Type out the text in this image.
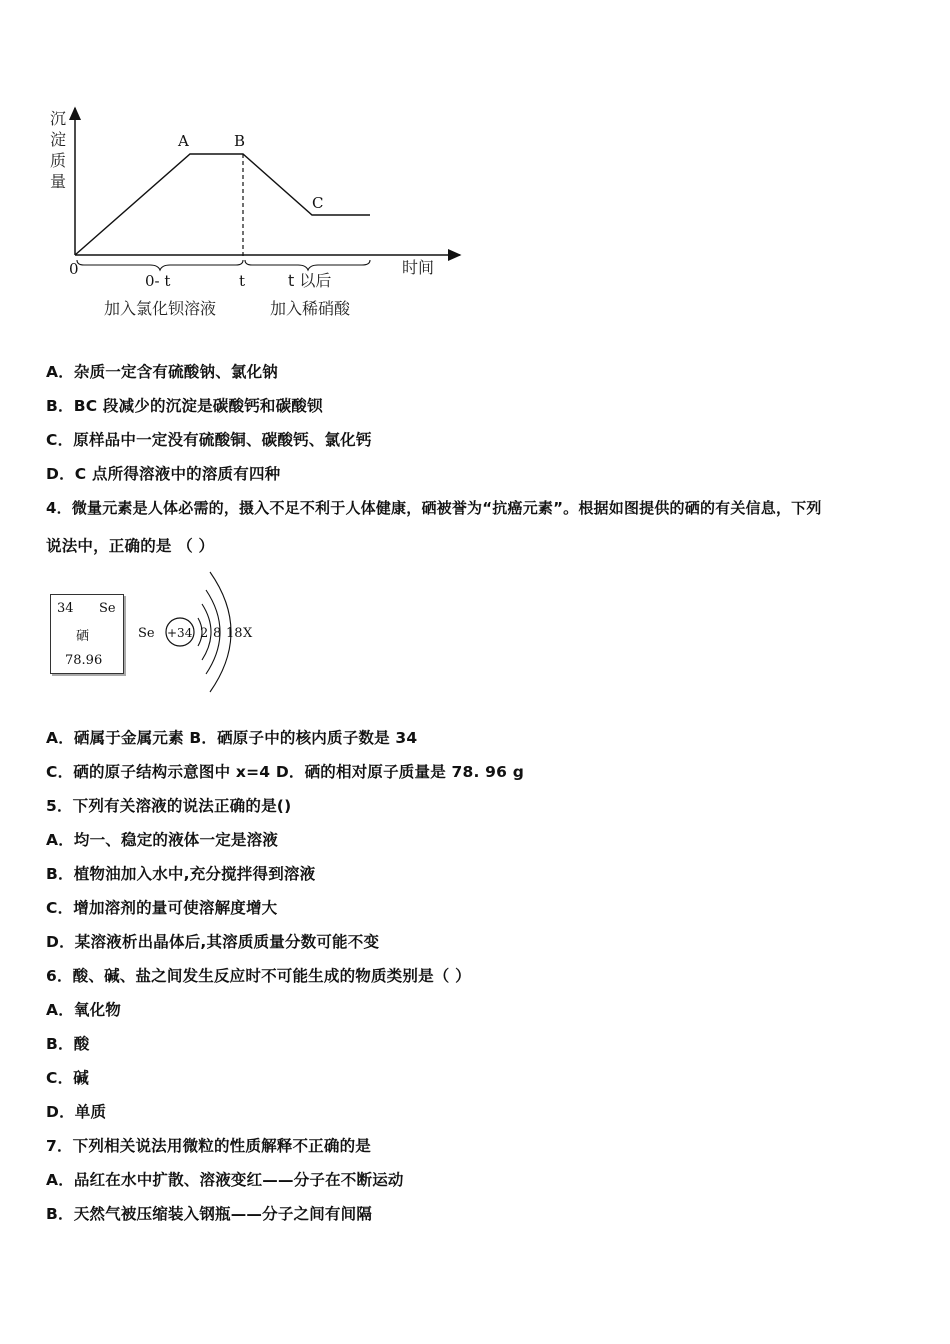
沉
淀
质
量
A	B
C
0	时间
0- t	t	t 以后
加入氯化钡溶液	加入稀硝酸
A．杂质一定含有硫酸钠、氯化钠
B．BC 段减少的沉淀是碳酸钙和碳酸钡
C．原样品中一定没有硫酸铜、碳酸钙、氯化钙
D．C 点所得溶液中的溶质有四种
4．微量元素是人体必需的，摄入不足不利于人体健康，硒被誉为“抗癌元素”。根据如图提供的硒的有关信息，下列
说法中，正确的是 （ ）
34 Se
硒
78.96
Se +34 2 8 18 X
A．硒属于金属元素 B．硒原子中的核内质子数是 34
C．硒的原子结构示意图中 x=4 D．硒的相对原子质量是 78. 96 g
5．下列有关溶液的说法正确的是()
A．均一、稳定的液体一定是溶液
B．植物油加入水中,充分搅拌得到溶液
C．增加溶剂的量可使溶解度增大
D．某溶液析出晶体后,其溶质质量分数可能不变
6．酸、碱、盐之间发生反应时不可能生成的物质类别是（ ）
A．氧化物
B．酸
C．碱
D．单质
7．下列相关说法用微粒的性质解释不正确的是
A．品红在水中扩散、溶液变红——分子在不断运动
B．天然气被压缩装入钢瓶——分子之间有间隔
